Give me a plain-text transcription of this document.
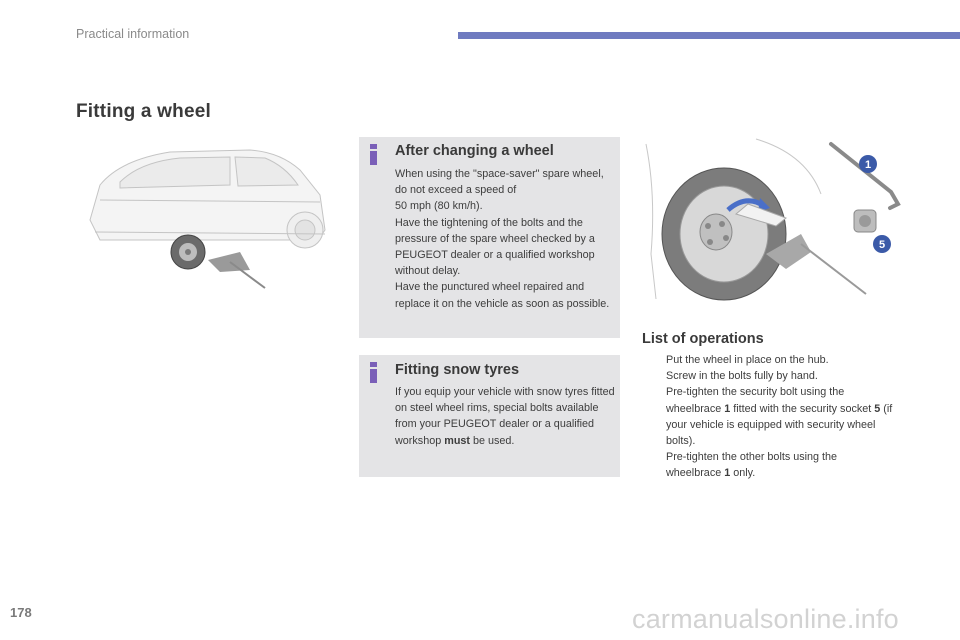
Practical information
Fitting a wheel
After changing a wheel
When using the "space-saver" spare wheel, do not exceed a speed of
50 mph (80 km/h).
Have the tightening of the bolts and the pressure of the spare wheel checked by a PEUGEOT dealer or a qualified workshop without delay.
Have the punctured wheel repaired and replace it on the vehicle as soon as possible.
Fitting snow tyres
If you equip your vehicle with snow tyres fitted on steel wheel rims, special bolts available from your PEUGEOT dealer or a qualified workshop must be used.
1
5
List of operations
Put the wheel in place on the hub.
Screw in the bolts fully by hand.
Pre-tighten the security bolt using the wheelbrace 1 fitted with the security socket 5 (if your vehicle is equipped with security wheel bolts).
Pre-tighten the other bolts using the wheelbrace 1 only.
178	carmanualsonline.info
